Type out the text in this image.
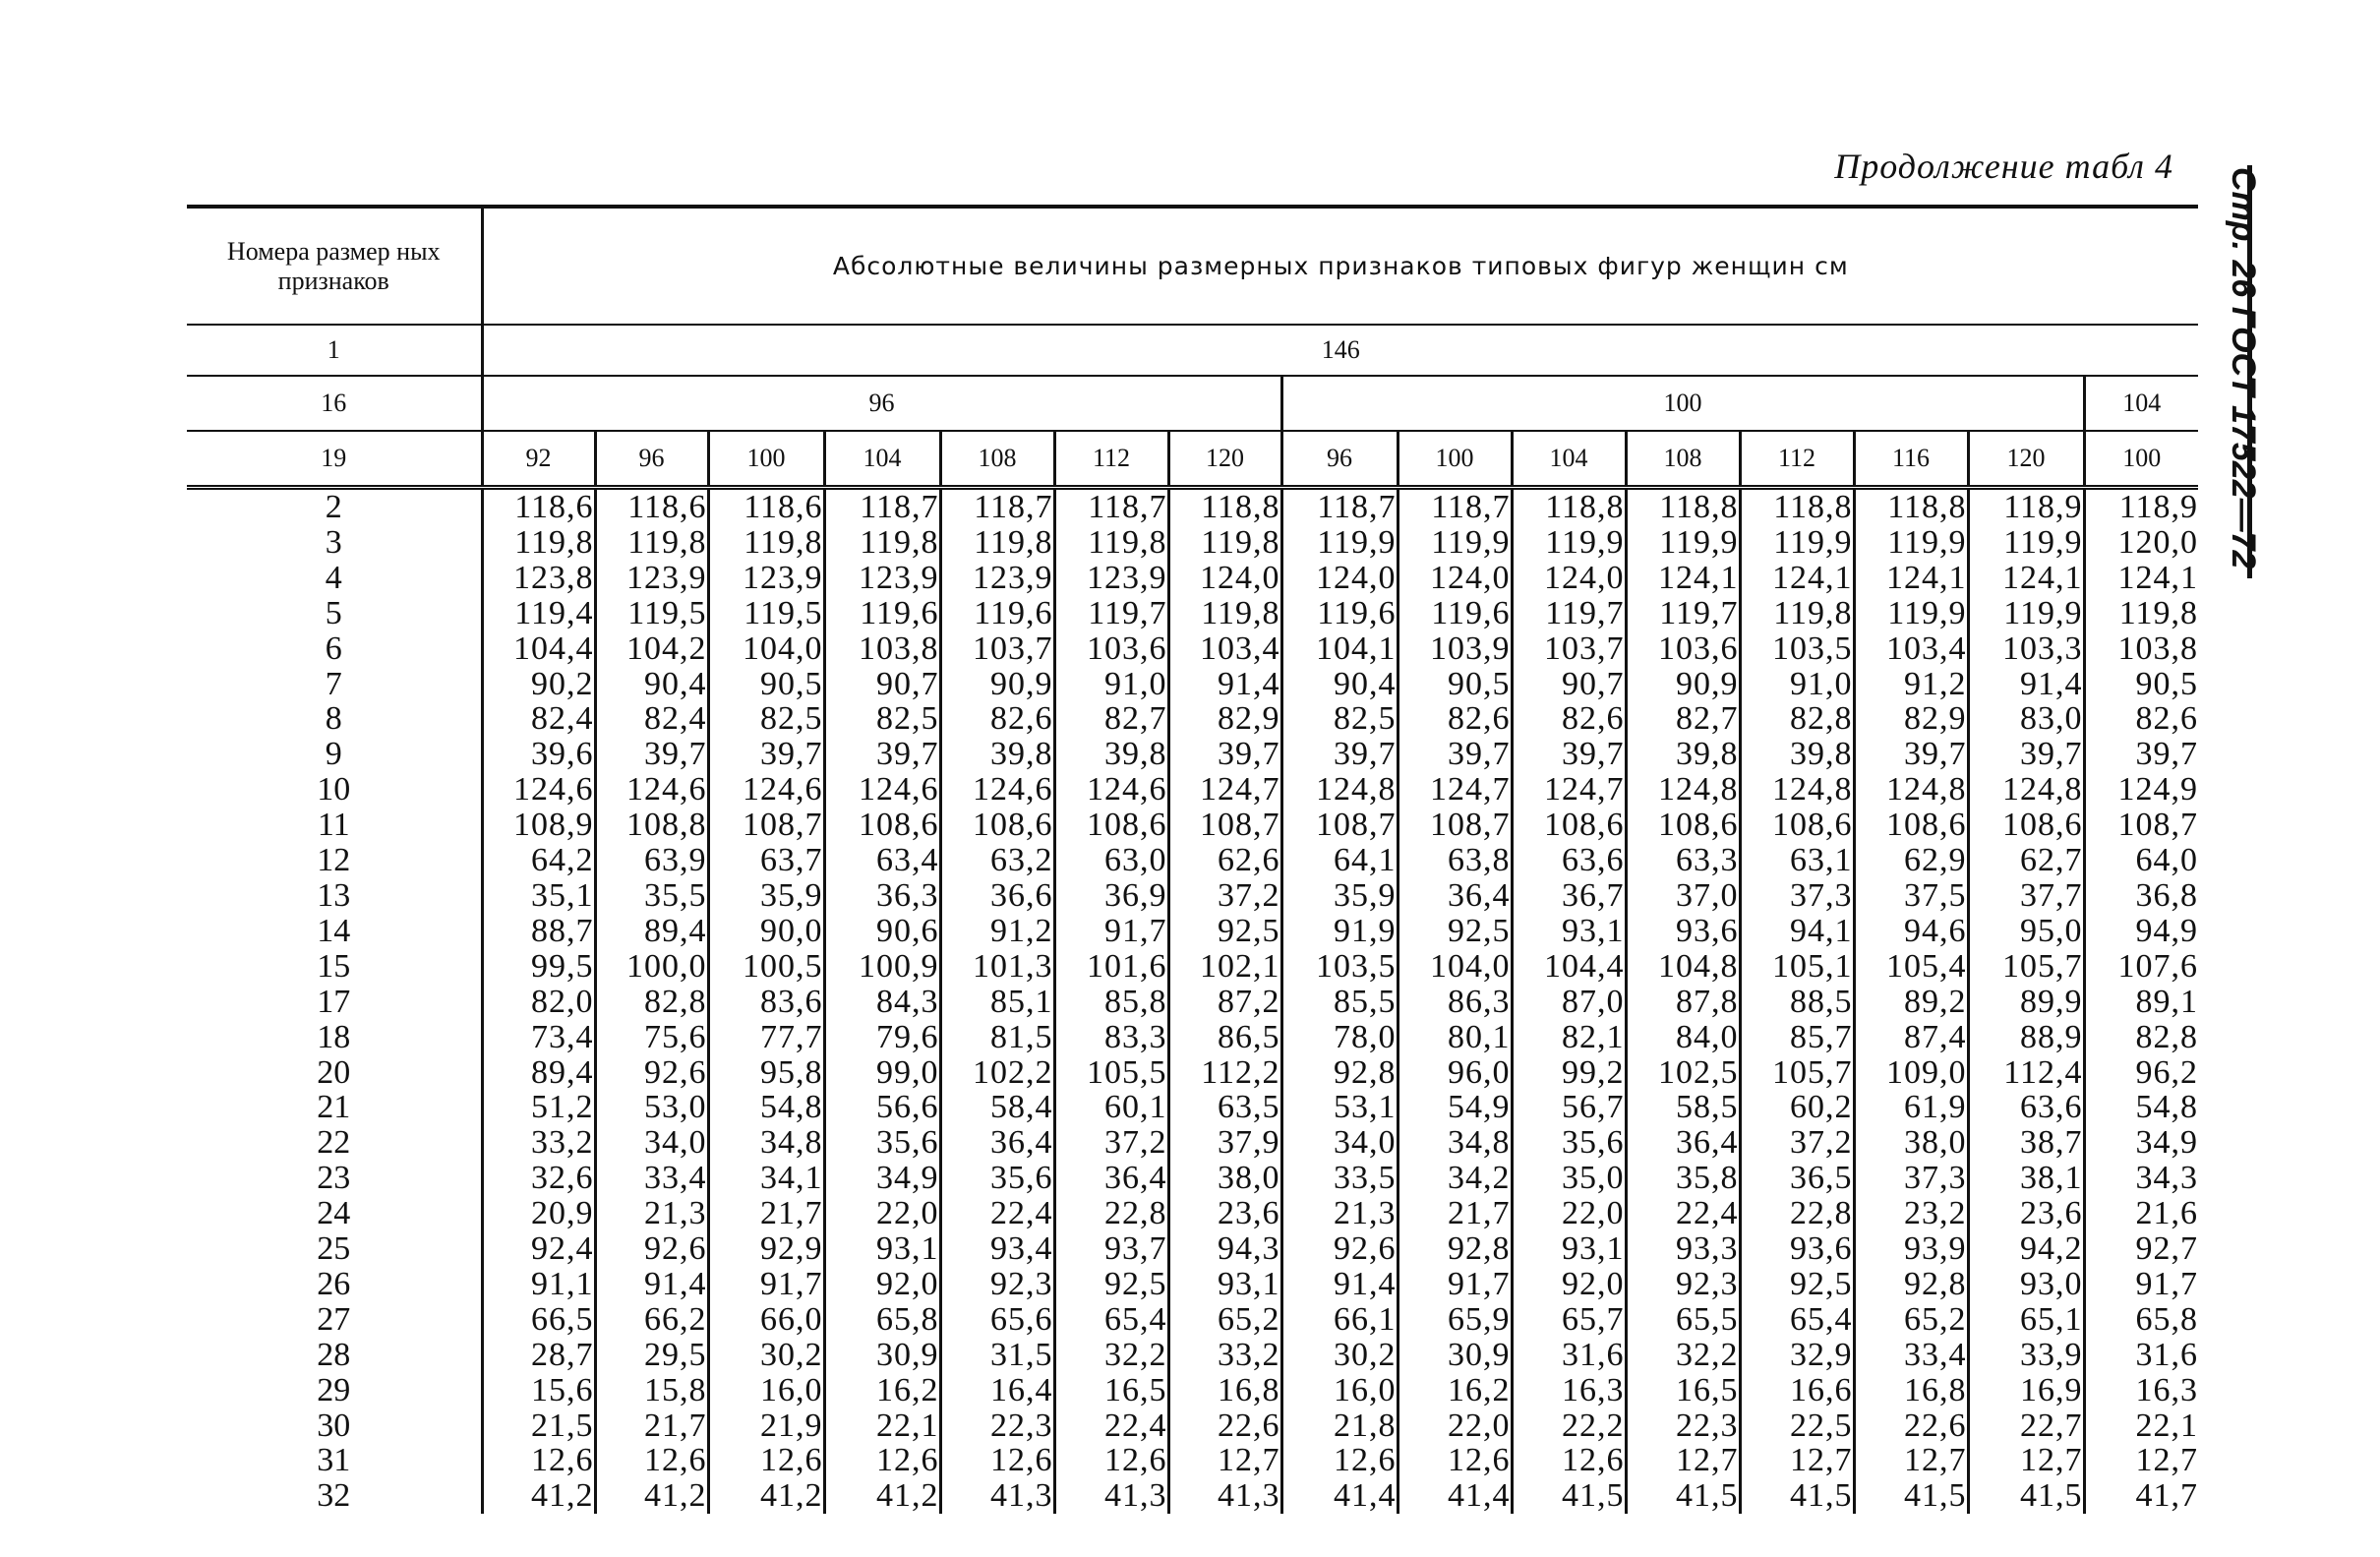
Продолжение табл 4
Стр. 26 ГОСТ 17522—72
Номера размер ных признаков	Абсолютные величины размерных признаков типовых фигур женщин см														
1	146														
16	96							100							104
19	92	96	100	104	108	112	120	96	100	104	108	112	116	120	100
2	118,6	118,6	118,6	118,7	118,7	118,7	118,8	118,7	118,7	118,8	118,8	118,8	118,8	118,9	118,9
3	119,8	119,8	119,8	119,8	119,8	119,8	119,8	119,9	119,9	119,9	119,9	119,9	119,9	119,9	120,0
4	123,8	123,9	123,9	123,9	123,9	123,9	124,0	124,0	124,0	124,0	124,1	124,1	124,1	124,1	124,1
5	119,4	119,5	119,5	119,6	119,6	119,7	119,8	119,6	119,6	119,7	119,7	119,8	119,9	119,9	119,8
6	104,4	104,2	104,0	103,8	103,7	103,6	103,4	104,1	103,9	103,7	103,6	103,5	103,4	103,3	103,8
7	90,2	90,4	90,5	90,7	90,9	91,0	91,4	90,4	90,5	90,7	90,9	91,0	91,2	91,4	90,5
8	82,4	82,4	82,5	82,5	82,6	82,7	82,9	82,5	82,6	82,6	82,7	82,8	82,9	83,0	82,6
9	39,6	39,7	39,7	39,7	39,8	39,8	39,7	39,7	39,7	39,7	39,8	39,8	39,7	39,7	39,7
10	124,6	124,6	124,6	124,6	124,6	124,6	124,7	124,8	124,7	124,7	124,8	124,8	124,8	124,8	124,9
11	108,9	108,8	108,7	108,6	108,6	108,6	108,7	108,7	108,7	108,6	108,6	108,6	108,6	108,6	108,7
12	64,2	63,9	63,7	63,4	63,2	63,0	62,6	64,1	63,8	63,6	63,3	63,1	62,9	62,7	64,0
13	35,1	35,5	35,9	36,3	36,6	36,9	37,2	35,9	36,4	36,7	37,0	37,3	37,5	37,7	36,8
14	88,7	89,4	90,0	90,6	91,2	91,7	92,5	91,9	92,5	93,1	93,6	94,1	94,6	95,0	94,9
15	99,5	100,0	100,5	100,9	101,3	101,6	102,1	103,5	104,0	104,4	104,8	105,1	105,4	105,7	107,6
17	82,0	82,8	83,6	84,3	85,1	85,8	87,2	85,5	86,3	87,0	87,8	88,5	89,2	89,9	89,1
18	73,4	75,6	77,7	79,6	81,5	83,3	86,5	78,0	80,1	82,1	84,0	85,7	87,4	88,9	82,8
20	89,4	92,6	95,8	99,0	102,2	105,5	112,2	92,8	96,0	99,2	102,5	105,7	109,0	112,4	96,2
21	51,2	53,0	54,8	56,6	58,4	60,1	63,5	53,1	54,9	56,7	58,5	60,2	61,9	63,6	54,8
22	33,2	34,0	34,8	35,6	36,4	37,2	37,9	34,0	34,8	35,6	36,4	37,2	38,0	38,7	34,9
23	32,6	33,4	34,1	34,9	35,6	36,4	38,0	33,5	34,2	35,0	35,8	36,5	37,3	38,1	34,3
24	20,9	21,3	21,7	22,0	22,4	22,8	23,6	21,3	21,7	22,0	22,4	22,8	23,2	23,6	21,6
25	92,4	92,6	92,9	93,1	93,4	93,7	94,3	92,6	92,8	93,1	93,3	93,6	93,9	94,2	92,7
26	91,1	91,4	91,7	92,0	92,3	92,5	93,1	91,4	91,7	92,0	92,3	92,5	92,8	93,0	91,7
27	66,5	66,2	66,0	65,8	65,6	65,4	65,2	66,1	65,9	65,7	65,5	65,4	65,2	65,1	65,8
28	28,7	29,5	30,2	30,9	31,5	32,2	33,2	30,2	30,9	31,6	32,2	32,9	33,4	33,9	31,6
29	15,6	15,8	16,0	16,2	16,4	16,5	16,8	16,0	16,2	16,3	16,5	16,6	16,8	16,9	16,3
30	21,5	21,7	21,9	22,1	22,3	22,4	22,6	21,8	22,0	22,2	22,3	22,5	22,6	22,7	22,1
31	12,6	12,6	12,6	12,6	12,6	12,6	12,7	12,6	12,6	12,6	12,7	12,7	12,7	12,7	12,7
32	41,2	41,2	41,2	41,2	41,3	41,3	41,3	41,4	41,4	41,5	41,5	41,5	41,5	41,5	41,7
